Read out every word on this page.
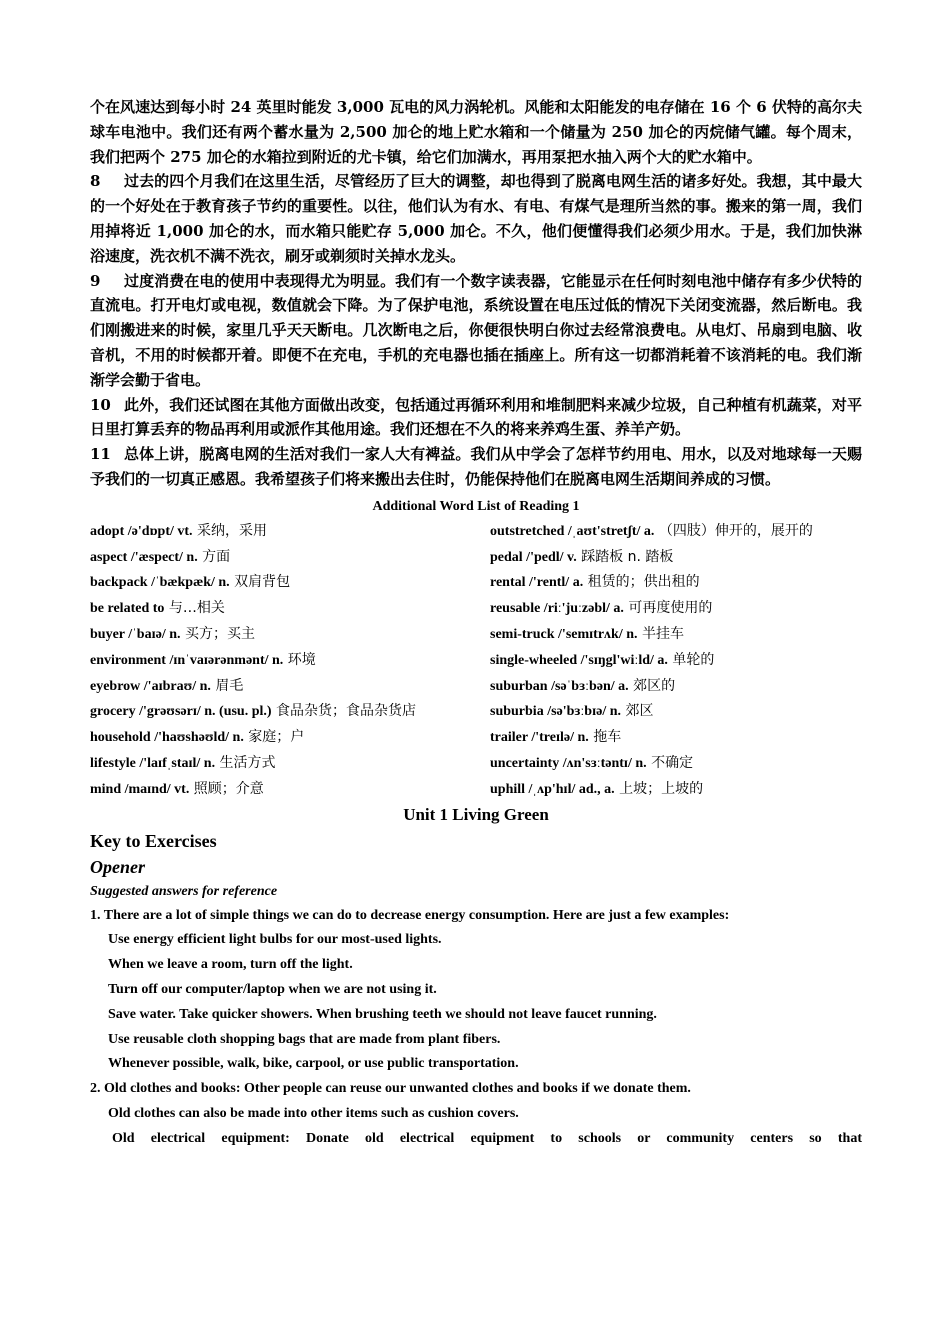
个在风速达到每小时 24 英里时能发 3,000 瓦电的风力涡轮机。风能和太阳能发的电存储在 16 个 6 伏特的高尔夫球车电池中。我们还有两个蓄水量为 2,500 加仑的地上贮水箱和一个储量为 250 加仑的丙烷储气罐。每个周末，我们把两个 275 加仑的水箱拉到附近的尤卡镇，给它们加满水，再用泵把水抽入两个大的贮水箱中。

8 过去的四个月我们在这里生活，尽管经历了巨大的调整，却也得到了脱离电网生活的诸多好处。我想，其中最大的一个好处在于教育孩子节约的重要性。以往，他们认为有水、有电、有煤气是理所当然的事。搬来的第一周，我们用掉将近 1,000 加仑的水，而水箱只能贮存 5,000 加仑。不久，他们便懂得我们必须少用水。于是，我们加快淋浴速度，洗衣机不满不洗衣，刷牙或剃须时关掉水龙头。

9 过度消费在电的使用中表现得尤为明显。我们有一个数字读表器，它能显示在任何时刻电池中储存有多少伏特的直流电。打开电灯或电视，数值就会下降。为了保护电池，系统设置在电压过低的情况下关闭变流器，然后断电。我们刚搬进来的时候，家里几乎天天断电。几次断电之后，你便很快明白你过去经常浪费电。从电灯、吊扇到电脑、收音机，不用的时候都开着。即便不在充电，手机的充电器也插在插座上。所有这一切都消耗着不该消耗的电。我们渐渐学会勤于省电。

10 此外，我们还试图在其他方面做出改变，包括通过再循环利用和堆制肥料来减少垃圾，自己种植有机蔬菜，对平日里打算丢弃的物品再利用或派作其他用途。我们还想在不久的将来养鸡生蛋、养羊产奶。

11 总体上讲，脱离电网的生活对我们一家人大有裨益。我们从中学会了怎样节约用电、用水，以及对地球每一天赐予我们的一切真正感恩。我希望孩子们将来搬出去住时，仍能保持他们在脱离电网生活期间养成的习惯。

Additional Word List of Reading 1

adopt /ə'dɒpt/ vt. 采纳，采用
aspect /'æspect/ n. 方面
backpack /ˈbækpæk/ n. 双肩背包
be related to 与…相关
buyer /ˈbaɪə/ n. 买方；买主
environment /ɪnˈvaɪərənmənt/ n. 环境
eyebrow /'aɪbraʊ/ n. 眉毛
grocery /'grəʊsərɪ/ n. (usu. pl.) 食品杂货；食品杂货店
household /'haʊshəʊld/ n. 家庭；户
lifestyle /'laɪfˌstaɪl/ n. 生活方式
mind /maɪnd/ vt. 照顾；介意
outstretched /ˌaʊt'stretʃt/ a. （四肢）伸开的，展开的
pedal /'pedl/ v. 踩踏板 n. 踏板
rental /'rentl/ a. 租赁的；供出租的
reusable /riː'juːzəbl/ a. 可再度使用的
semi-truck /'semɪtrʌk/ n. 半挂车
single-wheeled /'sɪŋgl'wiːld/ a. 单轮的
suburban /səˈbɜːbən/ a. 郊区的
suburbia /sə'bɜːbɪə/ n. 郊区
trailer /'treɪlə/ n. 拖车
uncertainty /ʌn'sɜːtəntɪ/ n. 不确定
uphill /ˌʌp'hɪl/ ad., a. 上坡；上坡的

Unit 1 Living Green

Key to Exercises

Opener

Suggested answers for reference

1. There are a lot of simple things we can do to decrease energy consumption. Here are just a few examples:

Use energy efficient light bulbs for our most-used lights.

When we leave a room, turn off the light.

Turn off our computer/laptop when we are not using it.

Save water. Take quicker showers. When brushing teeth we should not leave faucet running.

Use reusable cloth shopping bags that are made from plant fibers.

Whenever possible, walk, bike, carpool, or use public transportation.

2. Old clothes and books: Other people can reuse our unwanted clothes and books if we donate them.

Old clothes can also be made into other items such as cushion covers.

Old electrical equipment: Donate old electrical equipment to schools or community centers so that
